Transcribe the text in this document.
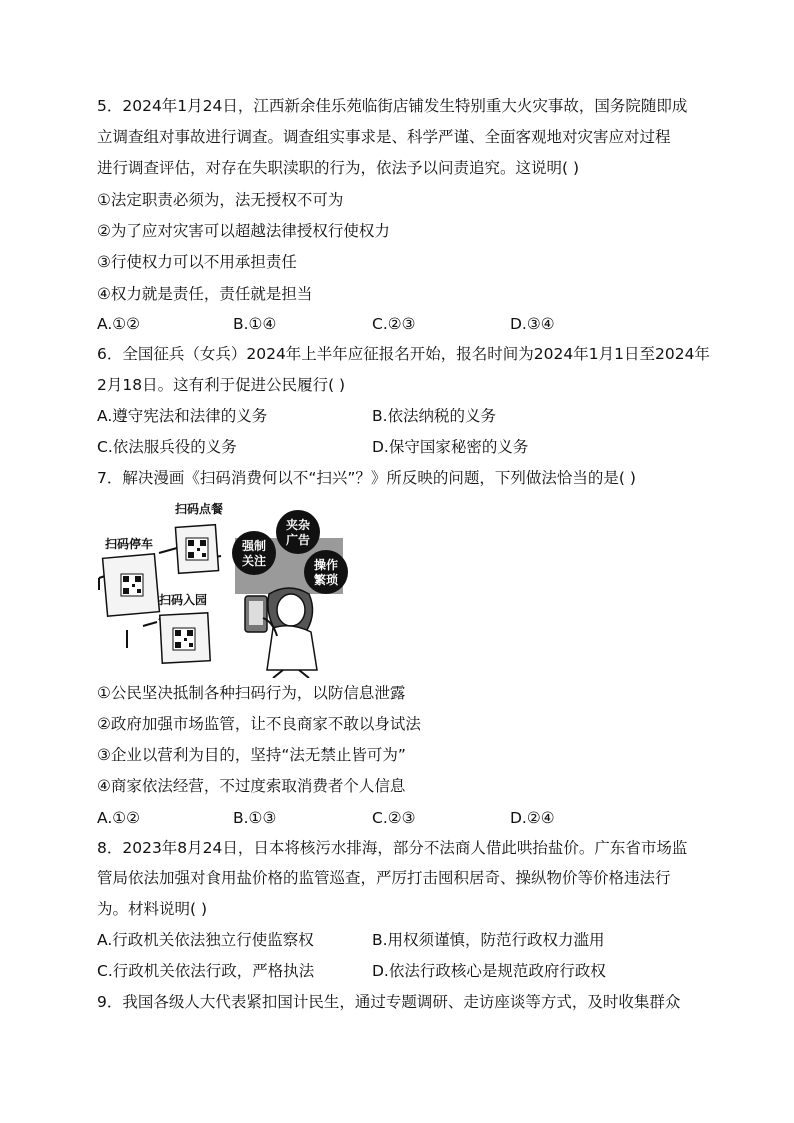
5．2024年1月24日，江西新余佳乐苑临街店铺发生特别重大火灾事故，国务院随即成
立调查组对事故进行调查。调查组实事求是、科学严谨、全面客观地对灾害应对过程
进行调查评估，对存在失职渎职的行为，依法予以问责追究。这说明( )
①法定职责必须为，法无授权不可为
②为了应对灾害可以超越法律授权行使权力
③行使权力可以不用承担责任
④权力就是责任，责任就是担当
A.①②	B.①④	C.②③	D.③④
6．全国征兵（女兵）2024年上半年应征报名开始，报名时间为2024年1月1日至2024年
2月18日。这有利于促进公民履行( )
A.遵守宪法和法律的义务	B.依法纳税的义务
C.依法服兵役的义务	D.保守国家秘密的义务
7．解决漫画《扫码消费何以不“扫兴”？》所反映的问题，下列做法恰当的是( )
扫码点餐
扫码停车
扫码入园
强制
关注
夹杂
广告
操作
繁琐
①公民坚决抵制各种扫码行为，以防信息泄露
②政府加强市场监管，让不良商家不敢以身试法
③企业以营利为目的，坚持“法无禁止皆可为”
④商家依法经营，不过度索取消费者个人信息
A.①②	B.①③	C.②③	D.②④
8．2023年8月24日，日本将核污水排海，部分不法商人借此哄抬盐价。广东省市场监
管局依法加强对食用盐价格的监管巡查，严厉打击囤积居奇、操纵物价等价格违法行
为。材料说明( )
A.行政机关依法独立行使监察权	B.用权须谨慎，防范行政权力滥用
C.行政机关依法行政，严格执法	D.依法行政核心是规范政府行政权
9．我国各级人大代表紧扣国计民生，通过专题调研、走访座谈等方式，及时收集群众
